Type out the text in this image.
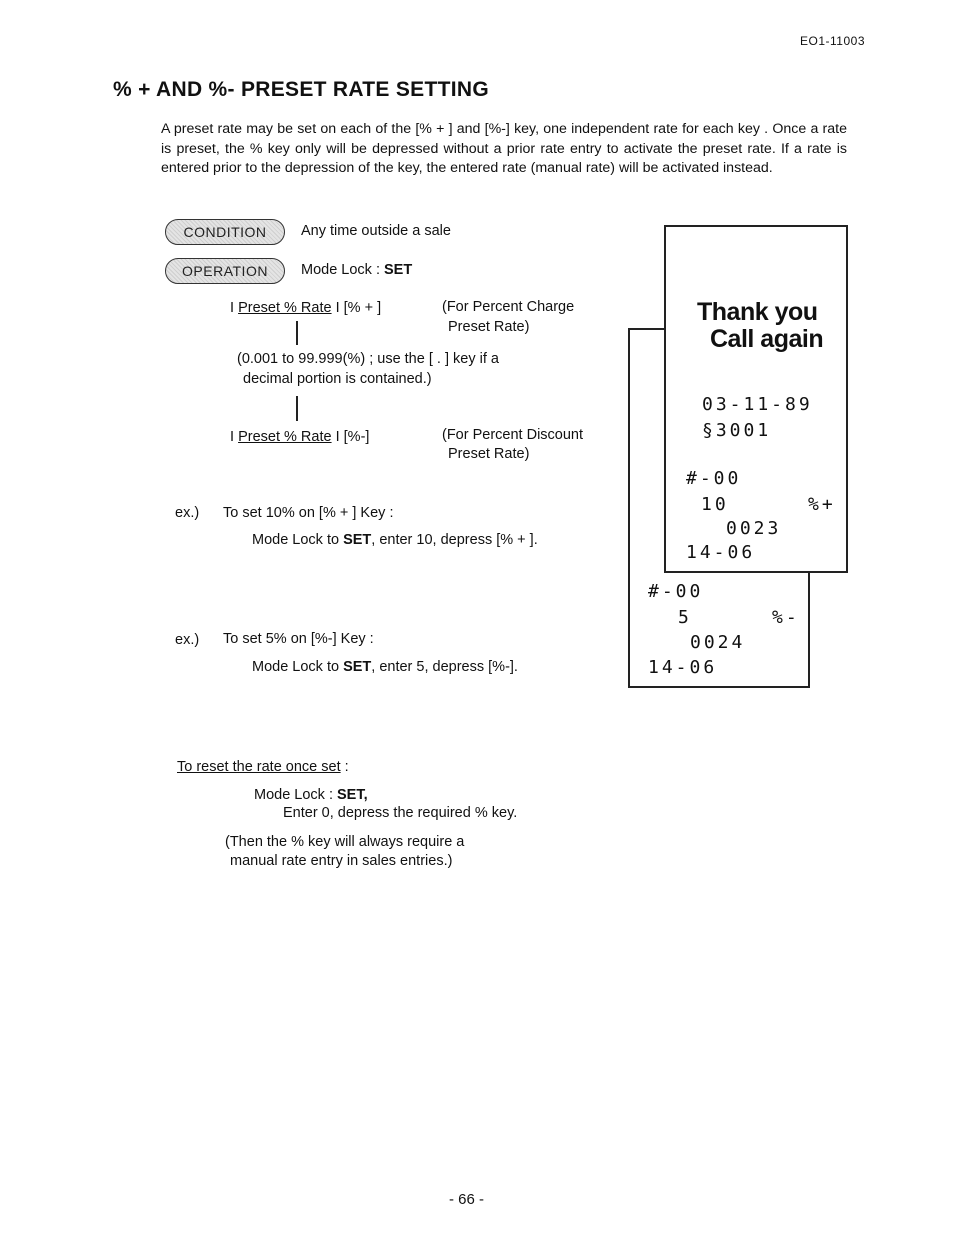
EO1-11003
% + AND %- PRESET RATE SETTING
A preset rate may be set on each of the [% + ] and [%-] key, one independent rate for each key . Once a rate is preset, the % key only will be depressed without a prior rate entry to activate the preset rate. If a rate is entered prior to the depression of the key, the entered rate (manual rate) will be activated instead.
CONDITION	Any time outside a sale
OPERATION	Mode Lock : SET
I Preset % Rate I [% + ]	(For Percent Charge
Preset Rate)
(0.001 to 99.999(%) ; use the [ . ] key if a
decimal portion is contained.)
I Preset % Rate I [%-]	(For Percent Discount
Preset Rate)
ex.) To set 10% on [% + ] Key :
Mode Lock to SET, enter 10, depress [% + ].
ex.) To set 5% on [%-] Key :
Mode Lock to SET, enter 5, depress [%-].
#-00
5	%-
0024
14-06
Thank you
Call again
03-11-89
§3001
#-00
10	%+
0023
14-06
To reset the rate once set :
Mode Lock : SET,
Enter 0, depress the required % key.
(Then the % key will always require a
manual rate entry in sales entries.)
- 66 -
